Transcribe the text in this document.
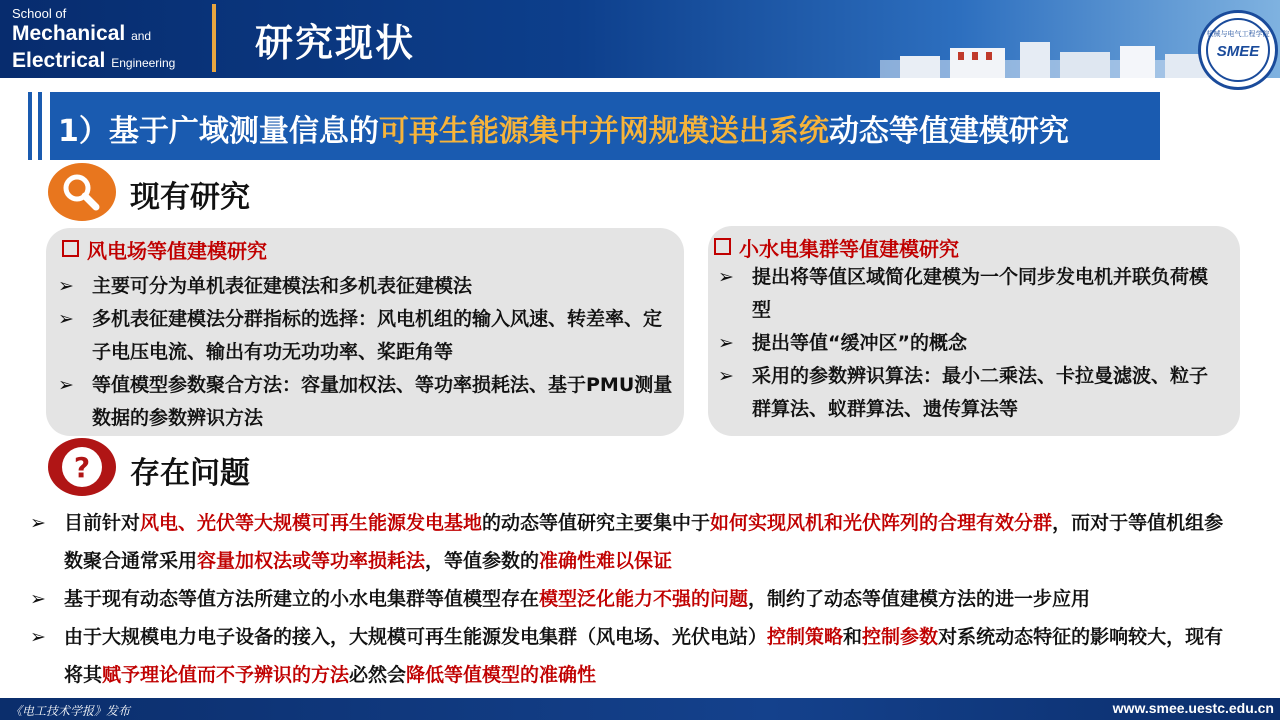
School of
Mechanical and
Electrical Engineering 研究现状	机械与电气工程学院
SMEE
1）基于广域测量信息的可再生能源集中并网规模送出系统动态等值建模研究
现有研究
风电场等值建模研究
➢ 主要可分为单机表征建模法和多机表征建模法
➢ 多机表征建模法分群指标的选择：风电机组的输入风速、转差率、定子电压电流、输出有功无功功率、桨距角等
➢ 等值模型参数聚合方法：容量加权法、等功率损耗法、基于PMU测量数据的参数辨识方法
小水电集群等值建模研究
➢ 提出将等值区域简化建模为一个同步发电机并联负荷模型
➢ 提出等值“缓冲区”的概念
➢ 采用的参数辨识算法：最小二乘法、卡拉曼滤波、粒子群算法、蚁群算法、遗传算法等
? 存在问题
➢ 目前针对风电、光伏等大规模可再生能源发电基地的动态等值研究主要集中于如何实现风机和光伏阵列的合理有效分群，而对于等值机组参数聚合通常采用容量加权法或等功率损耗法，等值参数的准确性难以保证
➢ 基于现有动态等值方法所建立的小水电集群等值模型存在模型泛化能力不强的问题，制约了动态等值建模方法的进一步应用
➢ 由于大规模电力电子设备的接入，大规模可再生能源发电集群（风电场、光伏电站）控制策略和控制参数对系统动态特征的影响较大，现有将其赋予理论值而不予辨识的方法必然会降低等值模型的准确性
《电工技术学报》发布	www.smee.uestc.edu.cn
